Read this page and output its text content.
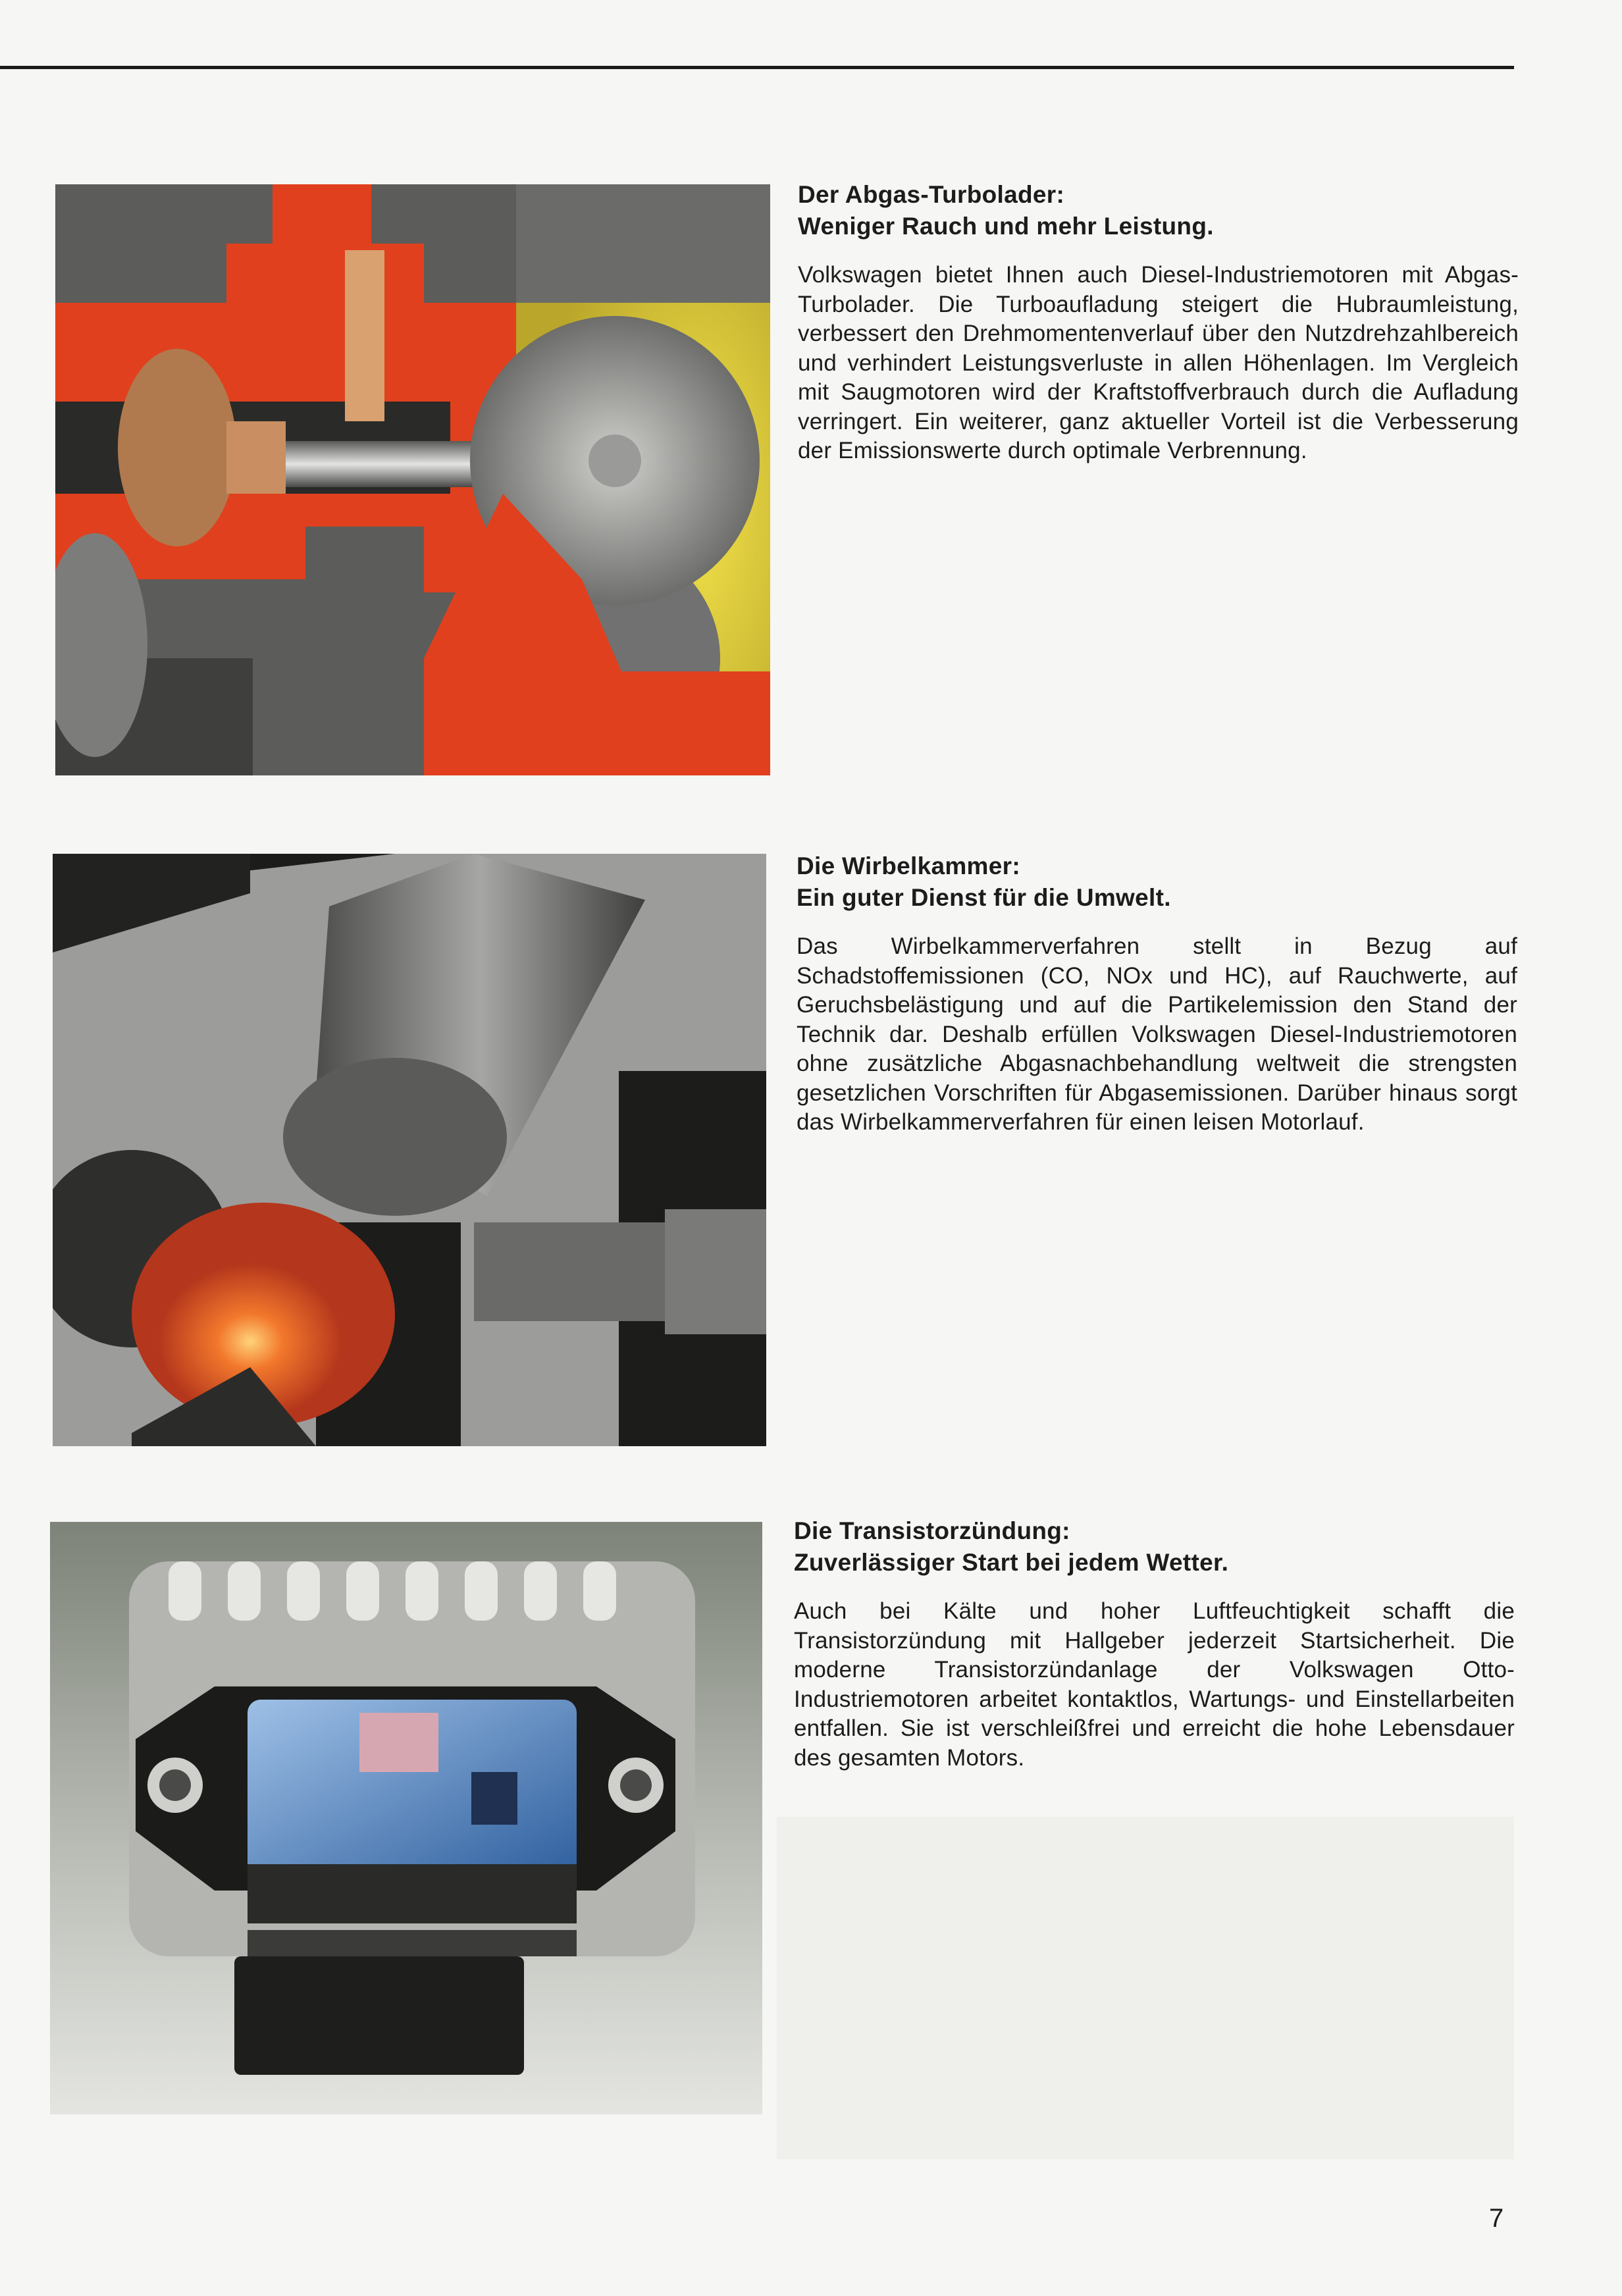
Der Abgas-Turbolader:
Weniger Rauch und mehr Leistung.

Volkswagen bietet Ihnen auch Diesel-Industriemotoren mit Abgas-Turbolader. Die Turboaufladung steigert die Hubraumleistung, verbessert den Drehmomentenverlauf über den Nutzdrehzahlbereich und verhindert Leistungsverluste in allen Höhenlagen. Im Vergleich mit Saugmotoren wird der Kraftstoffverbrauch durch die Aufladung verringert. Ein weiterer, ganz aktueller Vorteil ist die Verbesserung der Emissionswerte durch optimale Verbrennung.

Die Wirbelkammer:
Ein guter Dienst für die Umwelt.

Das Wirbelkammerverfahren stellt in Bezug auf Schadstoffemissionen (CO, NOx und HC), auf Rauchwerte, auf Geruchsbelästigung und auf die Partikelemission den Stand der Technik dar. Deshalb erfüllen Volkswagen Diesel-Industriemotoren ohne zusätzliche Abgasnachbehandlung weltweit die strengsten gesetzlichen Vorschriften für Abgasemissionen. Darüber hinaus sorgt das Wirbelkammerverfahren für einen leisen Motorlauf.

Die Transistorzündung:
Zuverlässiger Start bei jedem Wetter.

Auch bei Kälte und hoher Luftfeuchtigkeit schafft die Transistorzündung mit Hallgeber jederzeit Startsicherheit. Die moderne Transistorzündanlage der Volkswagen Otto-Industriemotoren arbeitet kontaktlos, Wartungs- und Einstellarbeiten entfallen. Sie ist verschleißfrei und erreicht die hohe Lebensdauer des gesamten Motors.

7
